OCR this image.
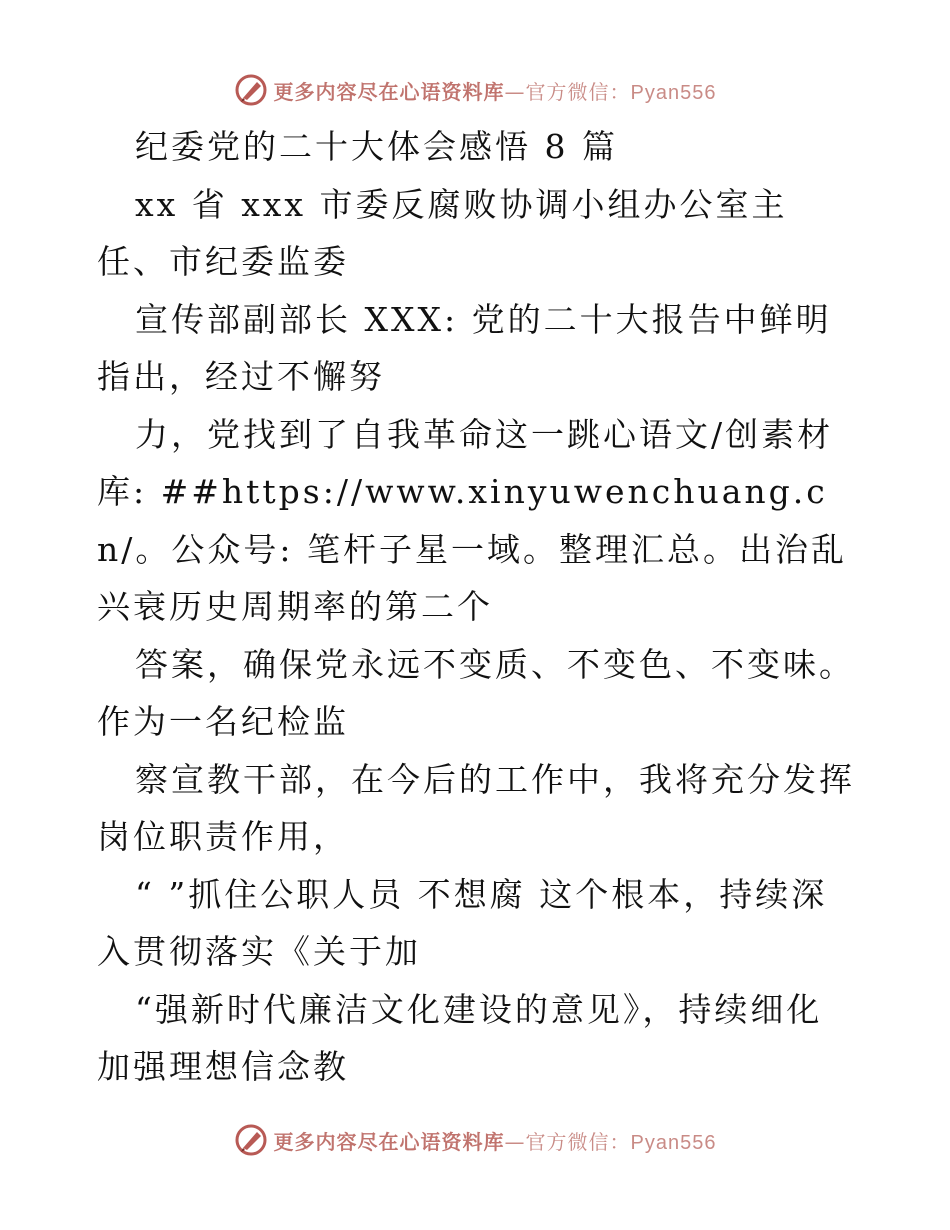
更多内容尽在心语资料库—官方微信：Pyan556

纪委党的二十大体会感悟 8 篇

xx 省 xxx 市委反腐败协调小组办公室主任、市纪委监委

宣传部副部长 XXX: 党的二十大报告中鲜明指出，经过不懈努

力，党找到了自我革命这一跳心语文/创素材库: ##https://www.xinyuwenchuang.cn/。公众号: 笔杆子星一域。整理汇总。出治乱兴衰历史周期率的第二个

答案，确保党永远不变质、不变色、不变味。作为一名纪检监

察宣教干部，在今后的工作中，我将充分发挥岗位职责作用，

“ ”抓住公职人员 不想腐 这个根本，持续深入贯彻落实《关于加

“强新时代廉洁文化建设的意见》，持续细化加强理想信念教

更多内容尽在心语资料库—官方微信：Pyan556
